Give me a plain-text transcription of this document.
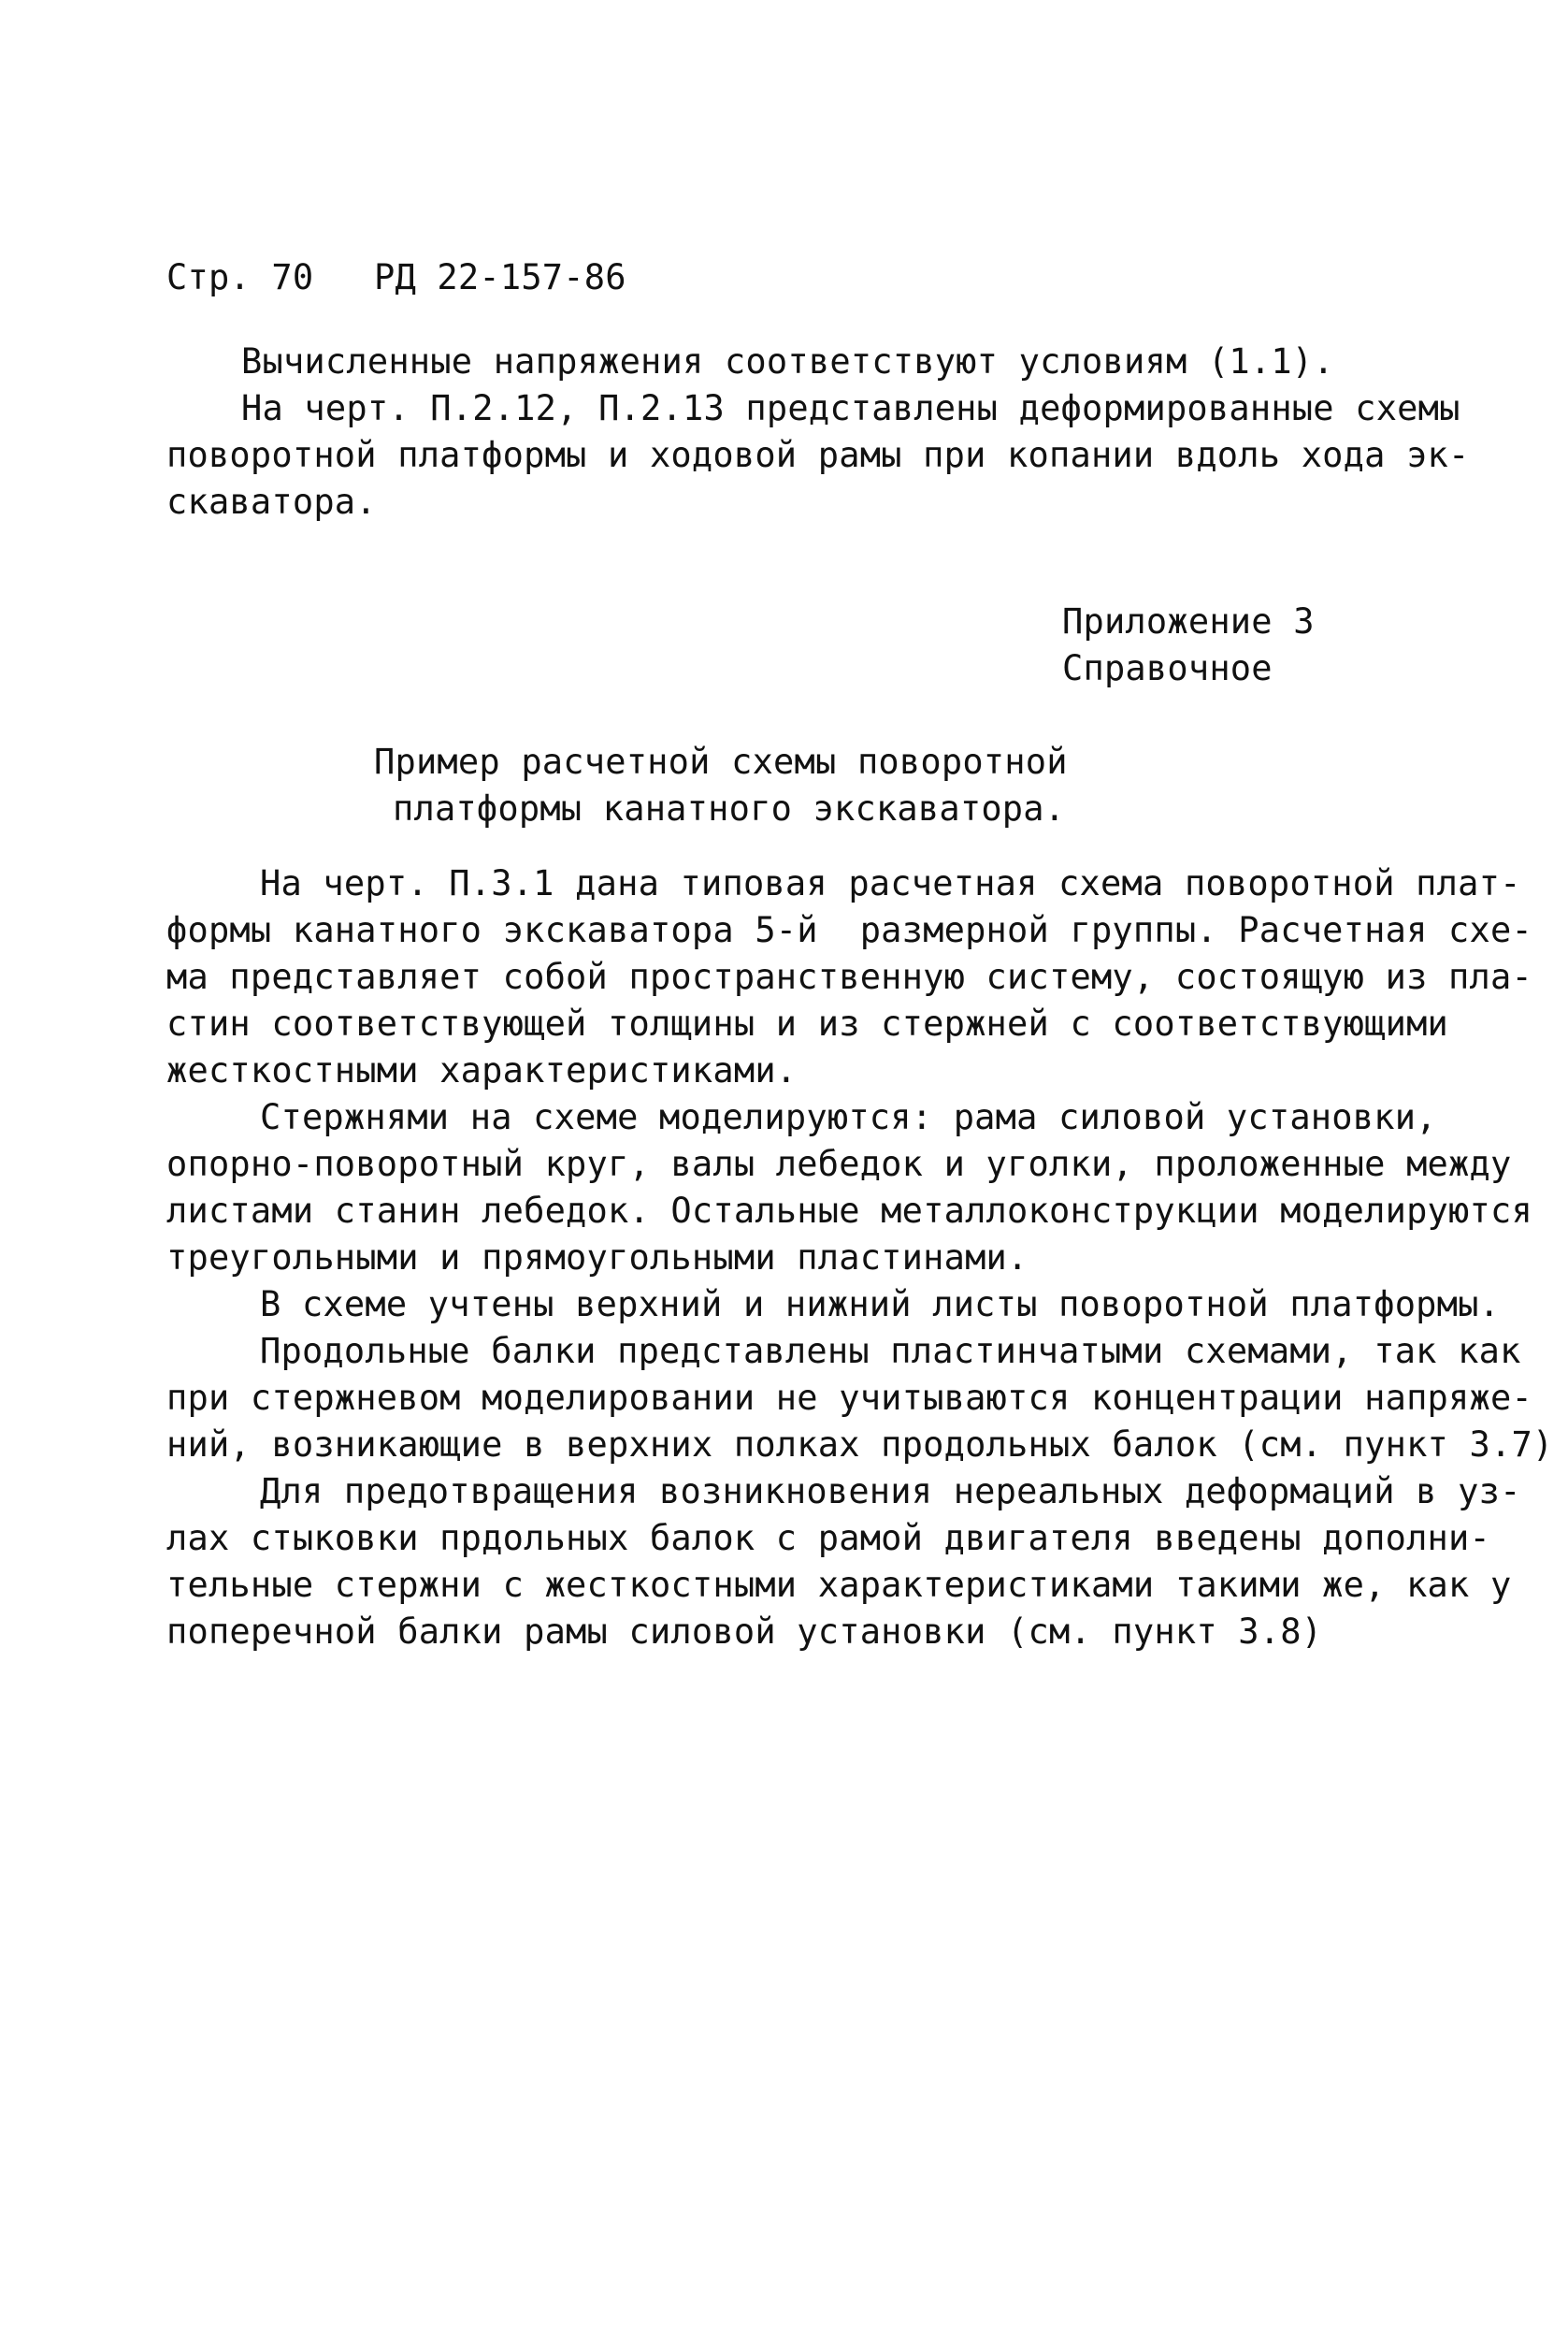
Стр. 70 РД 22-157-86
Вычисленные напряжения соответствуют условиям (1.1).
На черт. П.2.12, П.2.13 представлены деформированные схемы
поворотной платформы и ходовой рамы при копании вдоль хода эк-
скаватора.
Приложение 3
Справочное
Пример расчетной схемы поворотной
платформы канатного экскаватора.
На черт. П.3.1 дана типовая расчетная схема поворотной плат-
формы канатного экскаватора 5-й  размерной группы. Расчетная схе-
ма представляет собой пространственную систему, состоящую из пла-
стин соответствующей толщины и из стержней с соответствующими
жесткостными характеристиками.
Стержнями на схеме моделируются: рама силовой установки,
опорно-поворотный круг, валы лебедок и уголки, проложенные между
листами станин лебедок. Остальные металлоконструкции моделируются
треугольными и прямоугольными пластинами.
В схеме учтены верхний и нижний листы поворотной платформы.
Продольные балки представлены пластинчатыми схемами, так как
при стержневом моделировании не учитываются концентрации напряже-
ний, возникающие в верхних полках продольных балок (см. пункт 3.7)
Для предотвращения возникновения нереальных деформаций в уз-
лах стыковки прдольных балок с рамой двигателя введены дополни-
тельные стержни с жесткостными характеристиками такими же, как у
поперечной балки рамы силовой установки (см. пункт 3.8)
